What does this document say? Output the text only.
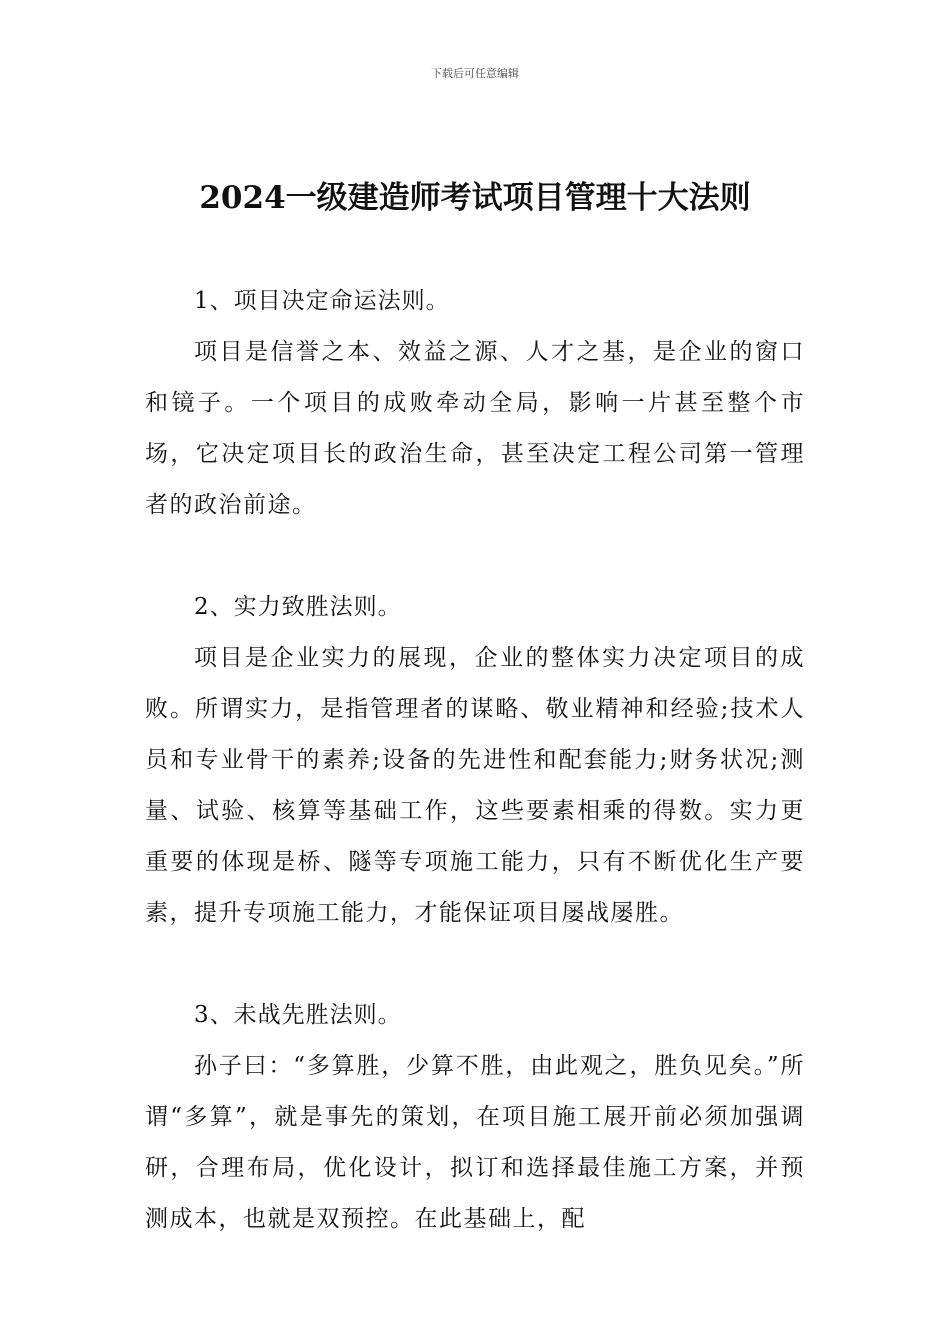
下载后可任意编辑
2024一级建造师考试项目管理十大法则

1、项目决定命运法则。

项目是信誉之本、效益之源、人才之基，是企业的窗口和镜子。一个项目的成败牵动全局，影响一片甚至整个市场，它决定项目长的政治生命，甚至决定工程公司第一管理者的政治前途。

2、实力致胜法则。

项目是企业实力的展现，企业的整体实力决定项目的成败。所谓实力，是指管理者的谋略、敬业精神和经验;技术人员和专业骨干的素养;设备的先进性和配套能力;财务状况;测量、试验、核算等基础工作，这些要素相乘的得数。实力更重要的体现是桥、隧等专项施工能力，只有不断优化生产要素，提升专项施工能力，才能保证项目屡战屡胜。

3、未战先胜法则。

孙子曰：“多算胜，少算不胜，由此观之，胜负见矣。”所谓“多算”，就是事先的策划，在项目施工展开前必须加强调研，合理布局，优化设计，拟订和选择最佳施工方案，并预测成本，也就是双预控。在此基础上，配
